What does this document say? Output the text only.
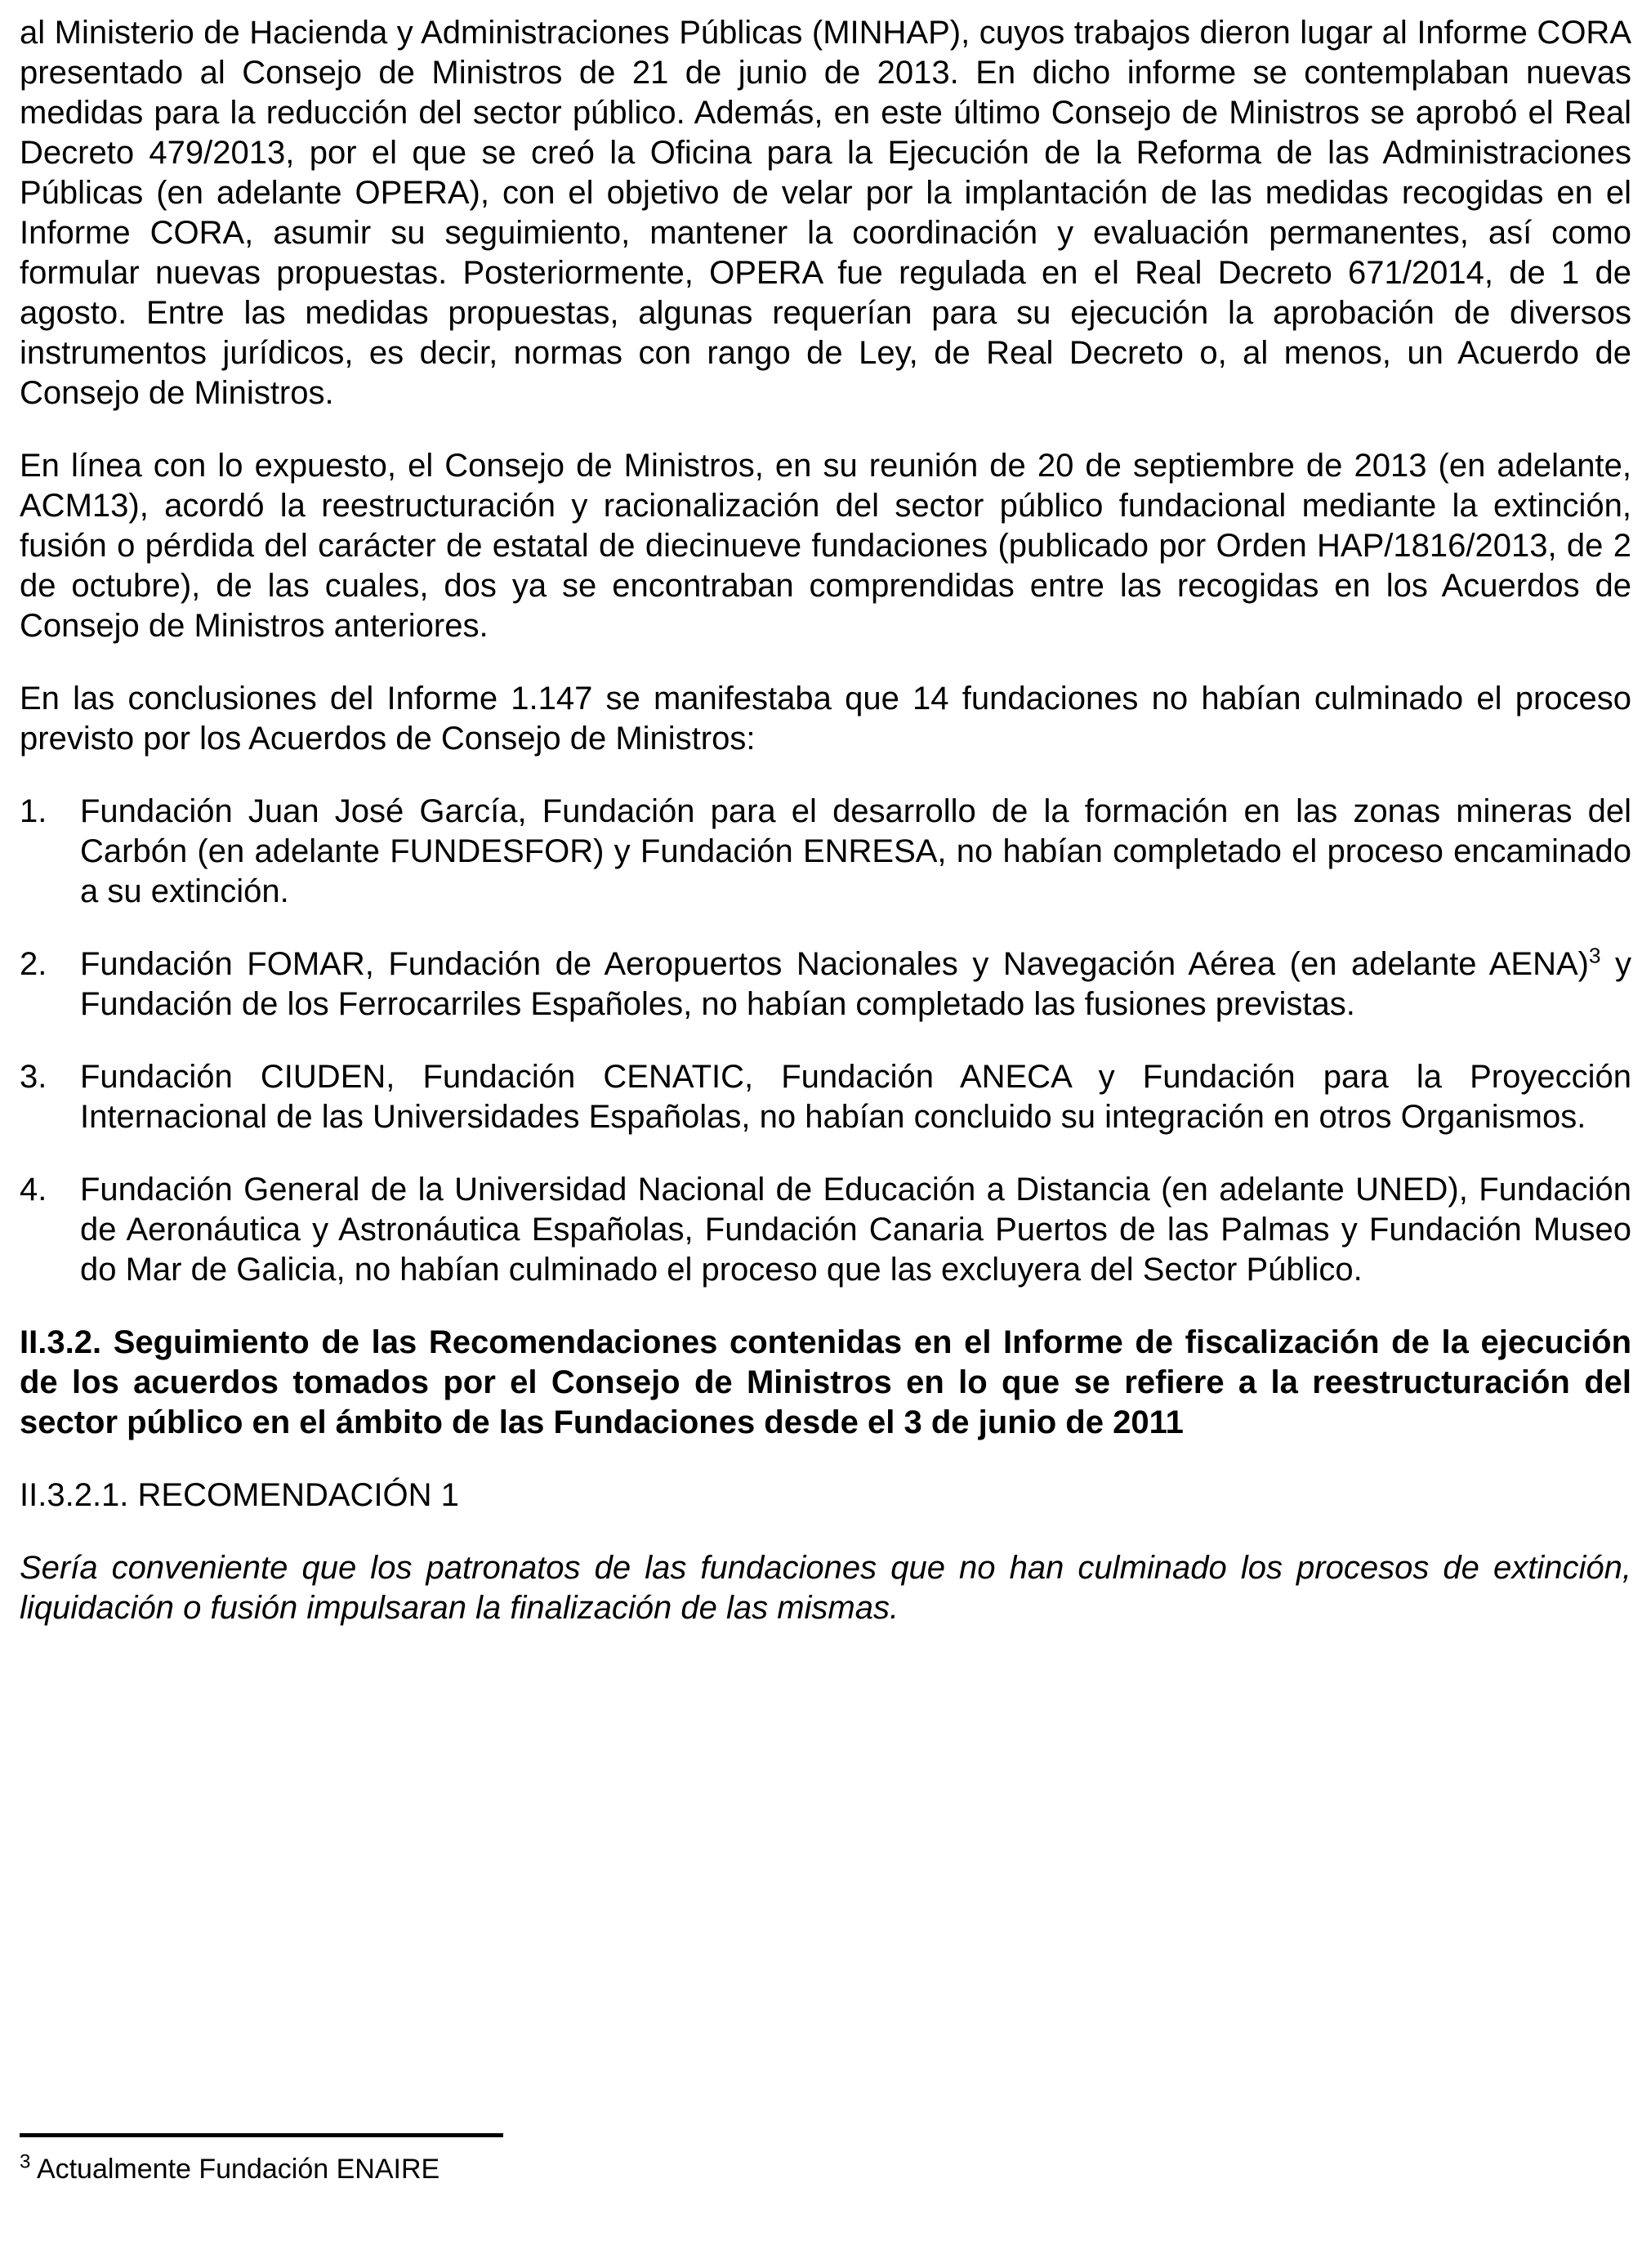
al Ministerio de Hacienda y Administraciones Públicas (MINHAP), cuyos trabajos dieron lugar al Informe CORA presentado al Consejo de Ministros de 21 de junio de 2013. En dicho informe se contemplaban nuevas medidas para la reducción del sector público. Además, en este último Consejo de Ministros se aprobó el Real Decreto 479/2013, por el que se creó la Oficina para la Ejecución de la Reforma de las Administraciones Públicas (en adelante OPERA), con el objetivo de velar por la implantación de las medidas recogidas en el Informe CORA, asumir su seguimiento, mantener la coordinación y evaluación permanentes, así como formular nuevas propuestas. Posteriormente, OPERA fue regulada en el Real Decreto 671/2014, de 1 de agosto. Entre las medidas propuestas, algunas requerían para su ejecución la aprobación de diversos instrumentos jurídicos, es decir, normas con rango de Ley, de Real Decreto o, al menos, un Acuerdo de Consejo de Ministros.

En línea con lo expuesto, el Consejo de Ministros, en su reunión de 20 de septiembre de 2013 (en adelante, ACM13), acordó la reestructuración y racionalización del sector público fundacional mediante la extinción, fusión o pérdida del carácter de estatal de diecinueve fundaciones (publicado por Orden HAP/1816/2013, de 2 de octubre), de las cuales, dos ya se encontraban comprendidas entre las recogidas en los Acuerdos de Consejo de Ministros anteriores.

En las conclusiones del Informe 1.147 se manifestaba que 14 fundaciones no habían culminado el proceso previsto por los Acuerdos de Consejo de Ministros:

1. Fundación Juan José García, Fundación para el desarrollo de la formación en las zonas mineras del Carbón (en adelante FUNDESFOR) y Fundación ENRESA, no habían completado el proceso encaminado a su extinción.
2. Fundación FOMAR, Fundación de Aeropuertos Nacionales y Navegación Aérea (en adelante AENA)$^3$ y Fundación de los Ferrocarriles Españoles, no habían completado las fusiones previstas.
3. Fundación CIUDEN, Fundación CENATIC, Fundación ANECA y Fundación para la Proyección Internacional de las Universidades Españolas, no habían concluido su integración en otros Organismos.
4. Fundación General de la Universidad Nacional de Educación a Distancia (en adelante UNED), Fundación de Aeronáutica y Astronáutica Españolas, Fundación Canaria Puertos de las Palmas y Fundación Museo do Mar de Galicia, no habían culminado el proceso que las excluyera del Sector Público.

II.3.2. Seguimiento de las Recomendaciones contenidas en el Informe de fiscalización de la ejecución de los acuerdos tomados por el Consejo de Ministros en lo que se refiere a la reestructuración del sector público en el ámbito de las Fundaciones desde el 3 de junio de 2011

II.3.2.1. RECOMENDACIÓN 1

Sería conveniente que los patronatos de las fundaciones que no han culminado los procesos de extinción, liquidación o fusión impulsaran la finalización de las mismas.

$^3$ Actualmente Fundación ENAIRE
